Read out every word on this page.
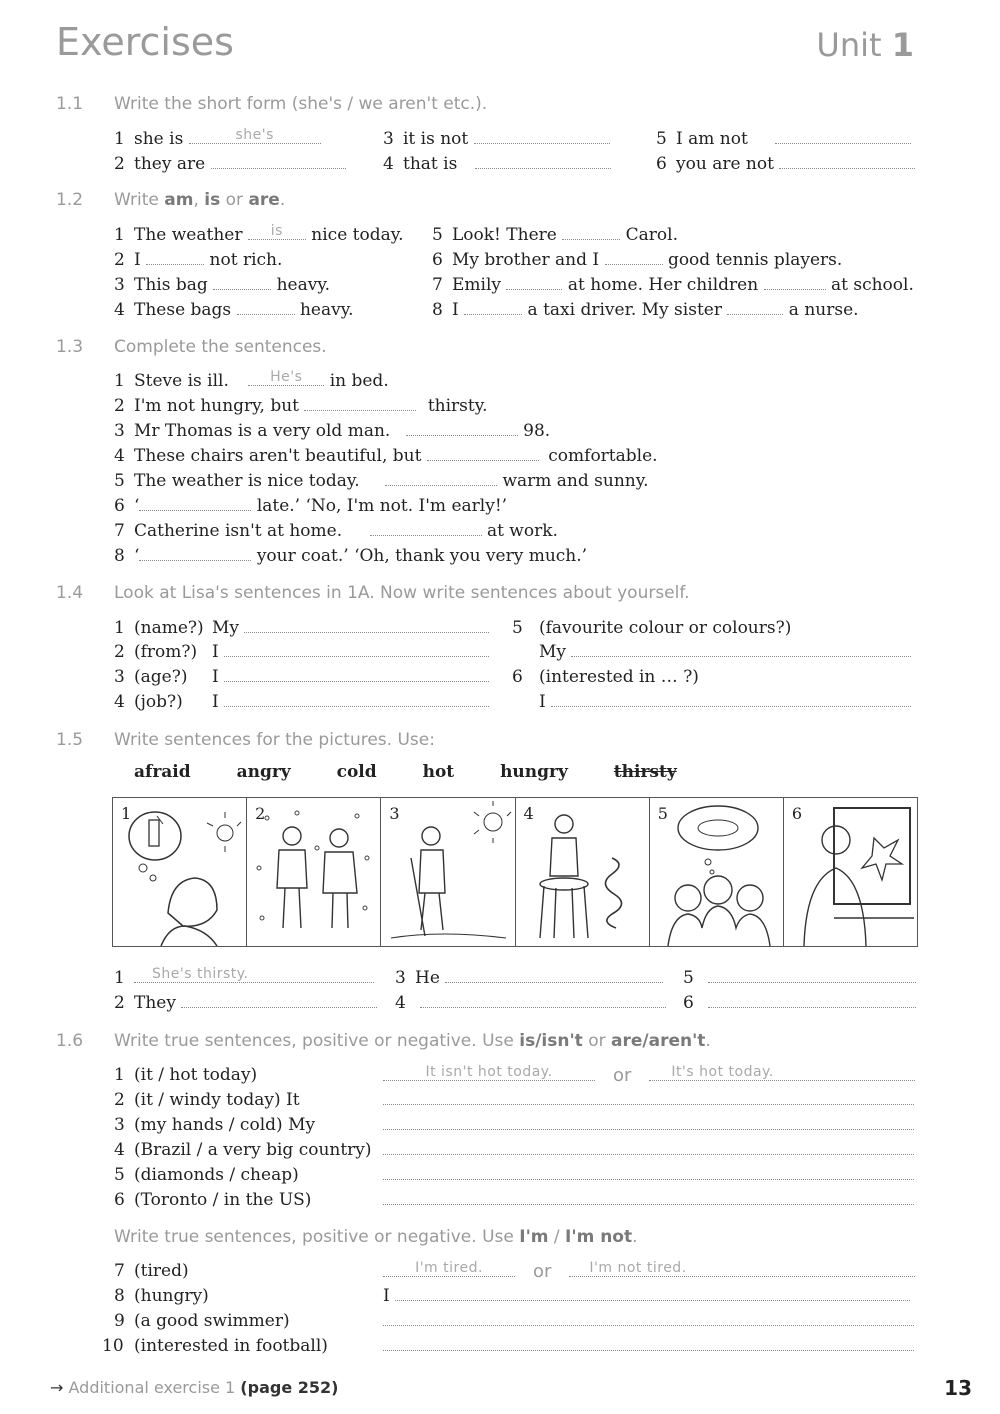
Exercises	Unit 1
1.1 Write the short form (she's / we aren't etc.).
1 she is	she's
2 they are
3 it is not
4 that is
5 I am not
6 you are not
1.2 Write am, is or are.
1 The weather	is	nice today.
2 I	not rich.
3 This bag	heavy.
4 These bags	heavy.
5 Look! There	Carol.
6 My brother and I	good tennis players.
7 Emily	at home. Her children	at school.
8 I	a taxi driver. My sister	a nurse.
1.3 Complete the sentences.
1 Steve is ill.	He's	in bed.
2 I'm not hungry, but	thirsty.
3 Mr Thomas is a very old man.	98.
4 These chairs aren't beautiful, but	comfortable.
5 The weather is nice today.	warm and sunny.
6 ‘	late.’ ‘No, I'm not. I'm early!’
7 Catherine isn't at home.	at work.
8 ‘	your coat.’ ‘Oh, thank you very much.’
1.4 Look at Lisa's sentences in 1A. Now write sentences about yourself.
1 (name?) My
2 (from?) I
3 (age?) I
4 (job?) I
5 (favourite colour or colours?)
My
6 (interested in … ?)
I
1.5 Write sentences for the pictures. Use:
afraid	angry	cold	hot	hungry	thirsty
1	2	3	4	5	6
1 She's thirsty.
2 They
3 He
4
5
6
1.6 Write true sentences, positive or negative. Use is/isn't or are/aren't.
1 (it / hot today)	It isn't hot today.	or	It's hot today.
2 (it / windy today) It
3 (my hands / cold) My
4 (Brazil / a very big country)
5 (diamonds / cheap)
6 (Toronto / in the US)
Write true sentences, positive or negative. Use I'm / I'm not.
7 (tired)	I'm tired.	or	I'm not tired.
8 (hungry)	I
9 (a good swimmer)
10 (interested in football)
→ Additional exercise 1 (page 252)	13
